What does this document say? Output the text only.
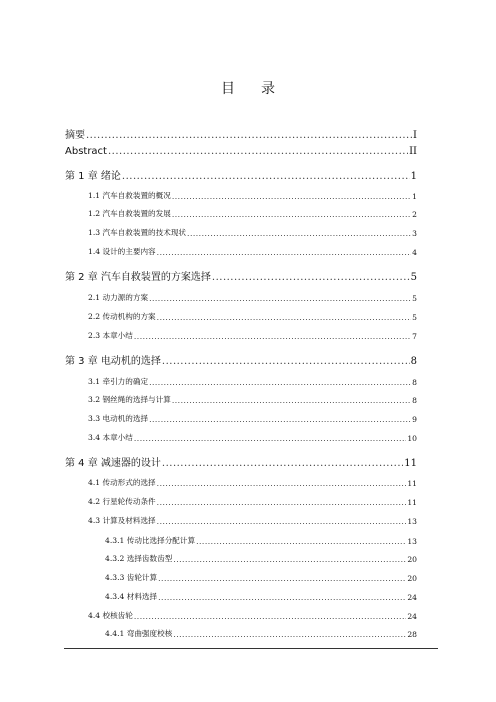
目 录
摘要 .....	I
Abstract .....	II
第 1 章 绪论 .....	1
1.1 汽车自救装置的概况 .....	1
1.2 汽车自救装置的发展 .....	2
1.3 汽车自救装置的技术现状 .....	3
1.4 设计的主要内容 .....	4
第 2 章 汽车自救装置的方案选择 .....	5
2.1 动力源的方案 .....	5
2.2 传动机构的方案 .....	5
2.3 本章小结 .....	7
第 3 章 电动机的选择 .....	8
3.1 牵引力的确定 .....	8
3.2 钢丝绳的选择与计算 .....	8
3.3 电动机的选择 .....	9
3.4 本章小结 .....	10
第 4 章 减速器的设计 .....	11
4.1 传动形式的选择 .....	11
4.2 行星轮传动条件 .....	11
4.3 计算及材料选择 .....	13
4.3.1 传动比选择分配计算 .....	13
4.3.2 选择齿数齿型 .....	20
4.3.3 齿轮计算 .....	20
4.3.4 材料选择 .....	24
4.4 校核齿轮 .....	24
4.4.1 弯曲强度校核 .....	28
